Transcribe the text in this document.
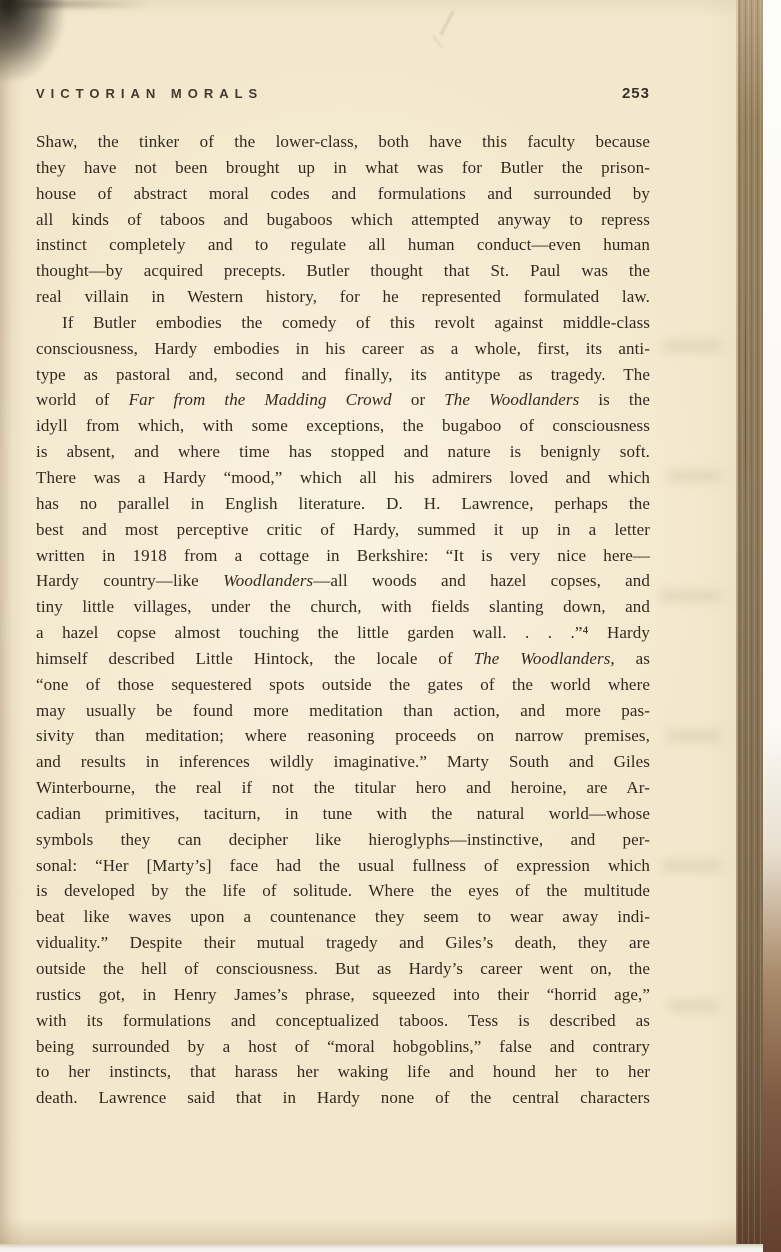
VICTORIAN MORALS	253
Shaw, the tinker of the lower-class, both have this faculty because
they have not been brought up in what was for Butler the prison-
house of abstract moral codes and formulations and surrounded by
all kinds of taboos and bugaboos which attempted anyway to repress
instinct completely and to regulate all human conduct—even human
thought—by acquired precepts. Butler thought that St. Paul was the
real villain in Western history, for he represented formulated law.
If Butler embodies the comedy of this revolt against middle-class
consciousness, Hardy embodies in his career as a whole, first, its anti-
type as pastoral and, second and finally, its antitype as tragedy. The
world of Far from the Madding Crowd or The Woodlanders is the
idyll from which, with some exceptions, the bugaboo of consciousness
is absent, and where time has stopped and nature is benignly soft.
There was a Hardy “mood,” which all his admirers loved and which
has no parallel in English literature. D. H. Lawrence, perhaps the
best and most perceptive critic of Hardy, summed it up in a letter
written in 1918 from a cottage in Berkshire: “It is very nice here—
Hardy country—like Woodlanders—all woods and hazel copses, and
tiny little villages, under the church, with fields slanting down, and
a hazel copse almost touching the little garden wall. . . .”⁴ Hardy
himself described Little Hintock, the locale of The Woodlanders, as
“one of those sequestered spots outside the gates of the world where
may usually be found more meditation than action, and more pas-
sivity than meditation; where reasoning proceeds on narrow premises,
and results in inferences wildly imaginative.” Marty South and Giles
Winterbourne, the real if not the titular hero and heroine, are Ar-
cadian primitives, taciturn, in tune with the natural world—whose
symbols they can decipher like hieroglyphs—instinctive, and per-
sonal: “Her [Marty’s] face had the usual fullness of expression which
is developed by the life of solitude. Where the eyes of the multitude
beat like waves upon a countenance they seem to wear away indi-
viduality.” Despite their mutual tragedy and Giles’s death, they are
outside the hell of consciousness. But as Hardy’s career went on, the
rustics got, in Henry James’s phrase, squeezed into their “horrid age,”
with its formulations and conceptualized taboos. Tess is described as
being surrounded by a host of “moral hobgoblins,” false and contrary
to her instincts, that harass her waking life and hound her to her
death. Lawrence said that in Hardy none of the central characters
